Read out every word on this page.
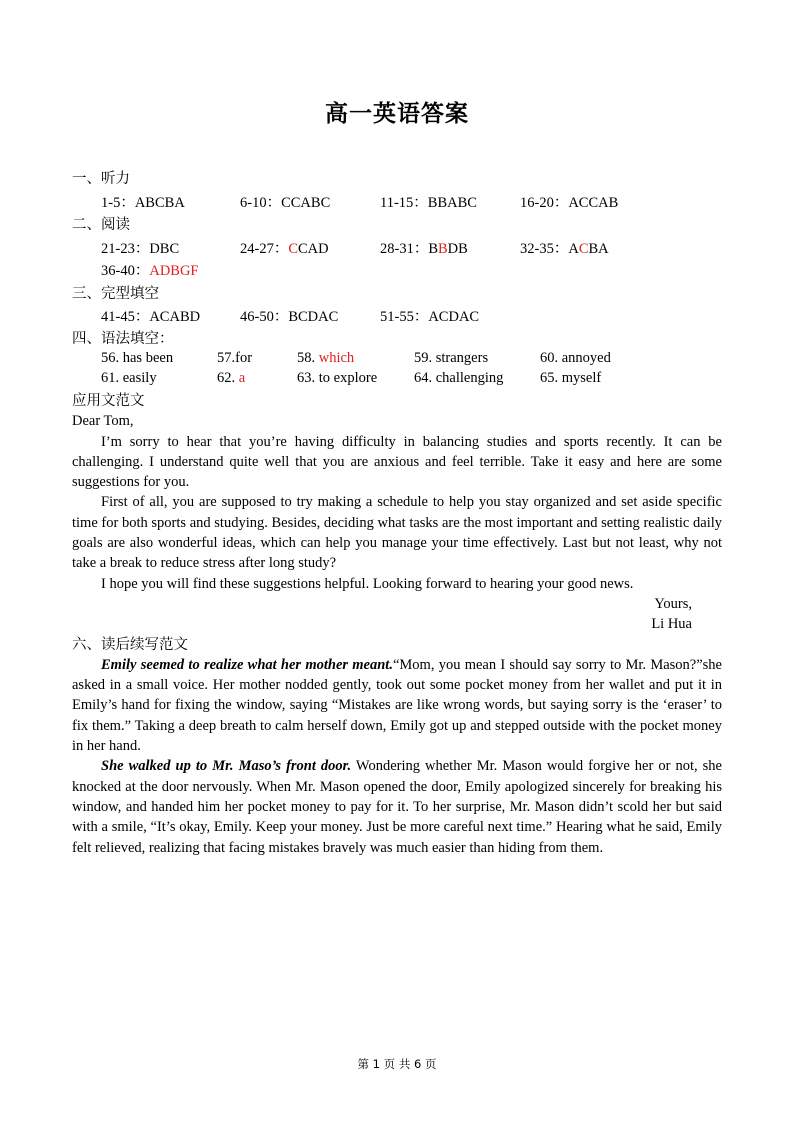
高一英语答案
一、听力
1-5：ABCBA	6-10：CCABC	11-15：BBABC	16-20：ACCAB
二、阅读
21-23：DBC	24-27：CCAD	28-31：BBDB	32-35：ACBA
36-40：ADBGF
三、完型填空
41-45：ACABD	46-50：BCDAC	51-55：ACDAC
四、语法填空：
56. has been	57.for	58. which	59. strangers	60. annoyed
61. easily	62. a	63. to explore	64. challenging	65. myself

应用文范文

Dear Tom,

I’m sorry to hear that you’re having difficulty in balancing studies and sports recently. It can be challenging. I understand quite well that you are anxious and feel terrible. Take it easy and here are some suggestions for you.

First of all, you are supposed to try making a schedule to help you stay organized and set aside specific time for both sports and studying. Besides, deciding what tasks are the most important and setting realistic daily goals are also wonderful ideas, which can help you manage your time effectively. Last but not least, why not take a break to reduce stress after long study?

I hope you will find these suggestions helpful. Looking forward to hearing your good news.

Yours,

Li Hua

六、读后续写范文

Emily seemed to realize what her mother meant.“Mom, you mean I should say sorry to Mr. Mason?”she asked in a small voice. Her mother nodded gently, took out some pocket money from her wallet and put it in Emily’s hand for fixing the window, saying “Mistakes are like wrong words, but saying sorry is the ‘eraser’ to fix them.” Taking a deep breath to calm herself down, Emily got up and stepped outside with the pocket money in her hand.

She walked up to Mr. Maso’s front door. Wondering whether Mr. Mason would forgive her or not, she knocked at the door nervously. When Mr. Mason opened the door, Emily apologized sincerely for breaking his window, and handed him her pocket money to pay for it. To her surprise, Mr. Mason didn’t scold her but said with a smile, “It’s okay, Emily. Keep your money. Just be more careful next time.” Hearing what he said, Emily felt relieved, realizing that facing mistakes bravely was much easier than hiding from them.

第 1 页 共 6 页
